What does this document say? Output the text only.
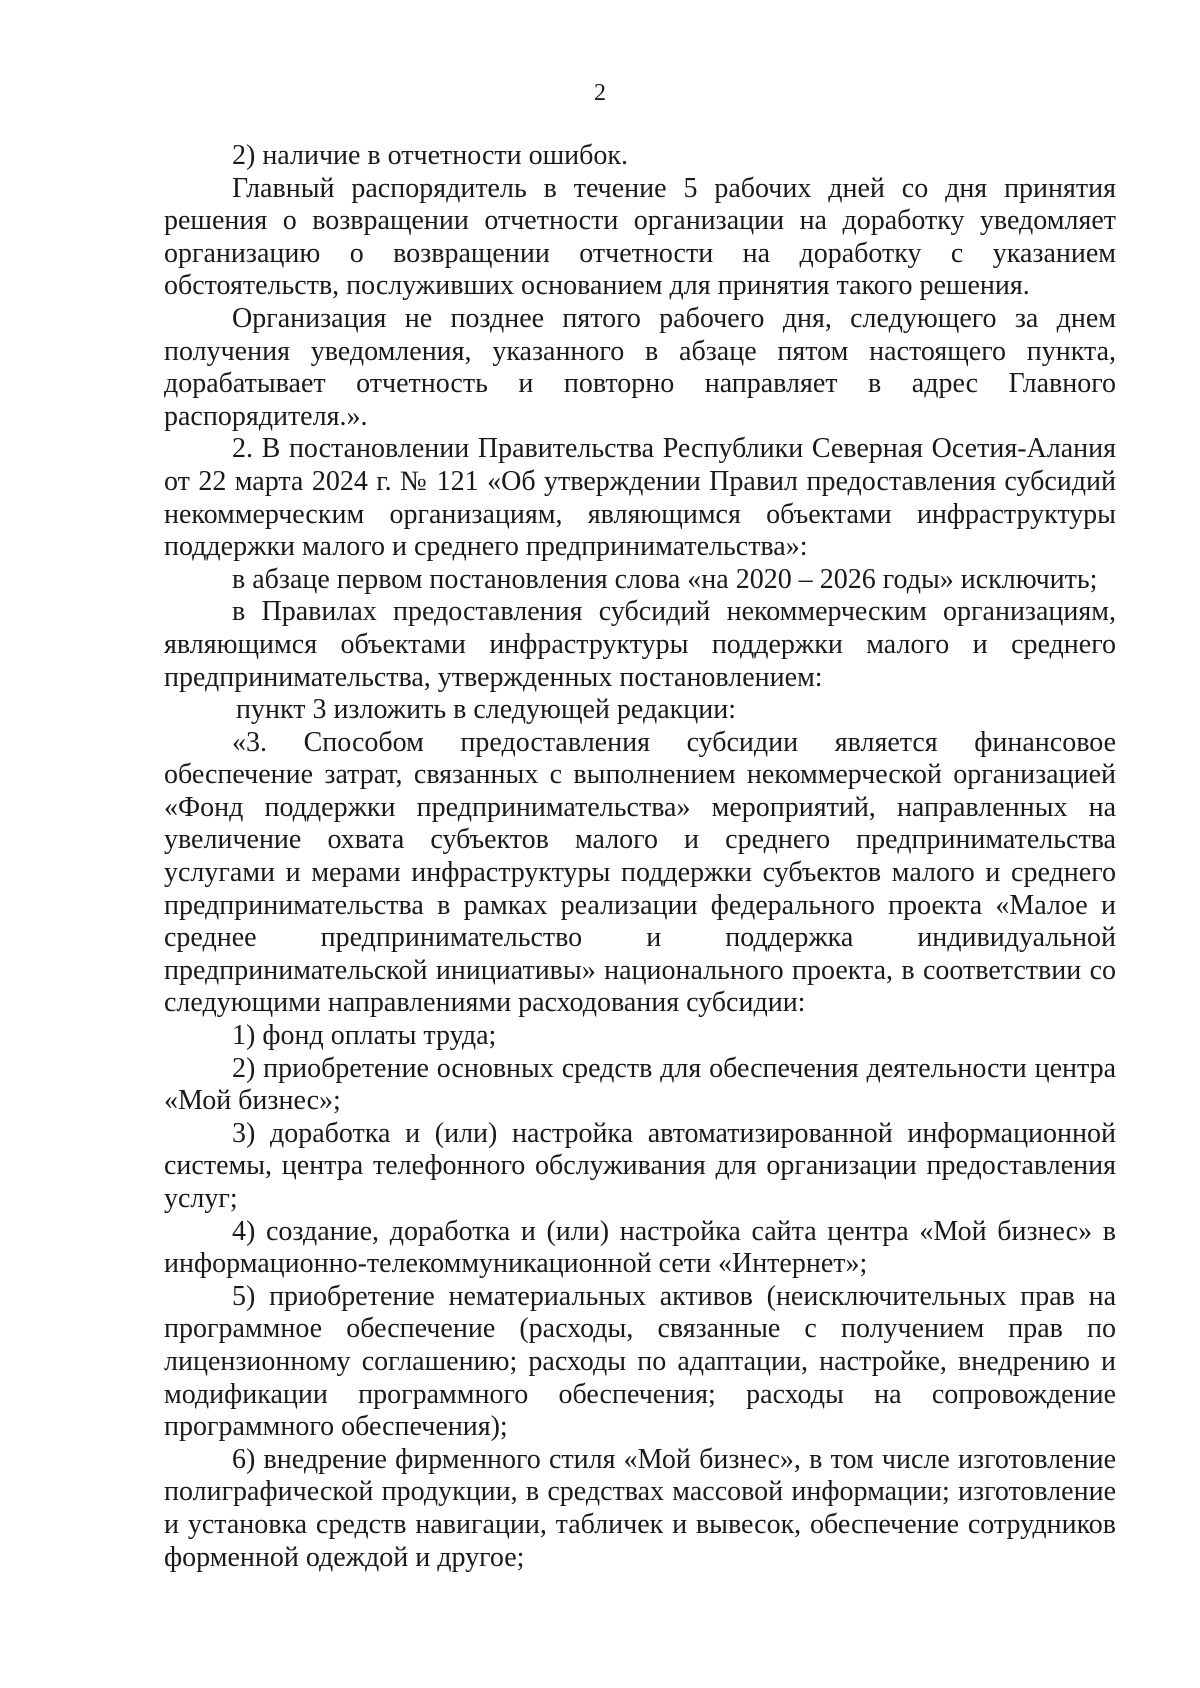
2

2) наличие в отчетности ошибок.

Главный распорядитель в течение 5 рабочих дней со дня принятия решения о возвращении отчетности организации на доработку уведомляет организацию о возвращении отчетности на доработку с указанием обстоятельств, послуживших основанием для принятия такого решения.

Организация не позднее пятого рабочего дня, следующего за днем получения уведомления, указанного в абзаце пятом настоящего пункта, дорабатывает отчетность и повторно направляет в адрес Главного распорядителя.».

2. В постановлении Правительства Республики Северная Осетия-Алания от 22 марта 2024 г. № 121 «Об утверждении Правил предоставления субсидий некоммерческим организациям, являющимся объектами инфраструктуры поддержки малого и среднего предпринимательства»:

в абзаце первом постановления слова «на 2020 – 2026 годы» исключить;

в Правилах предоставления субсидий некоммерческим организациям, являющимся объектами инфраструктуры поддержки малого и среднего предпринимательства, утвержденных постановлением:

пункт 3 изложить в следующей редакции:

«3. Способом предоставления субсидии является финансовое обеспечение затрат, связанных с выполнением некоммерческой организацией «Фонд поддержки предпринимательства» мероприятий, направленных на увеличение охвата субъектов малого и среднего предпринимательства услугами и мерами инфраструктуры поддержки субъектов малого и среднего предпринимательства в рамках реализации федерального проекта «Малое и среднее предпринимательство и поддержка индивидуальной предпринимательской инициативы» национального проекта, в соответствии со следующими направлениями расходования субсидии:

1) фонд оплаты труда;

2) приобретение основных средств для обеспечения деятельности центра «Мой бизнес»;

3) доработка и (или) настройка автоматизированной информационной системы, центра телефонного обслуживания для организации предоставления услуг;

4) создание, доработка и (или) настройка сайта центра «Мой бизнес» в информационно-телекоммуникационной сети «Интернет»;

5) приобретение нематериальных активов (неисключительных прав на программное обеспечение (расходы, связанные с получением прав по лицензионному соглашению; расходы по адаптации, настройке, внедрению и модификации программного обеспечения; расходы на сопровождение программного обеспечения);

6) внедрение фирменного стиля «Мой бизнес», в том числе изготовление полиграфической продукции, в средствах массовой информации; изготовление и установка средств навигации, табличек и вывесок, обеспечение сотрудников форменной одеждой и другое;
